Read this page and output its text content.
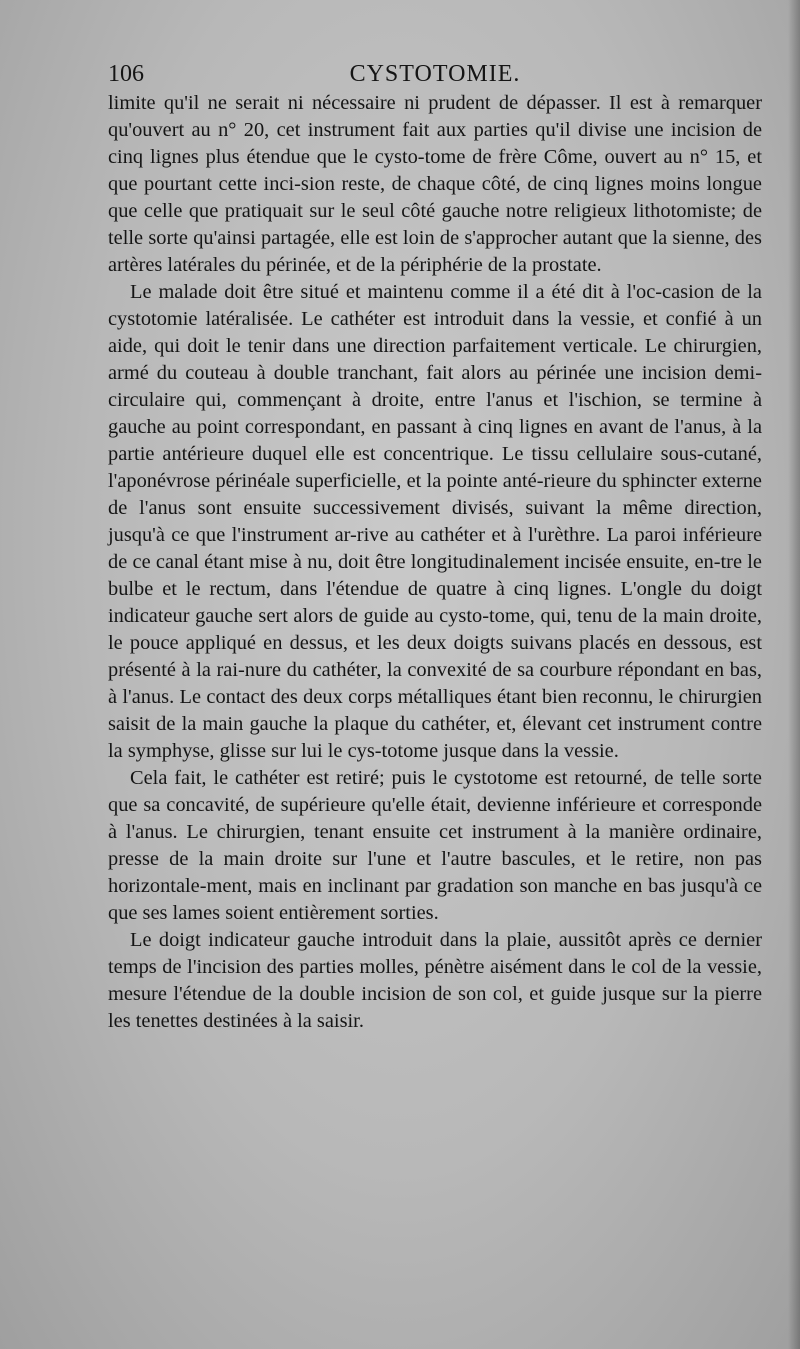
106	CYSTOTOMIE.

limite qu'il ne serait ni nécessaire ni prudent de dépasser. Il est à remarquer qu'ouvert au n° 20, cet instrument fait aux parties qu'il divise une incision de cinq lignes plus étendue que le cysto-tome de frère Côme, ouvert au n° 15, et que pourtant cette inci-sion reste, de chaque côté, de cinq lignes moins longue que celle que pratiquait sur le seul côté gauche notre religieux lithotomiste; de telle sorte qu'ainsi partagée, elle est loin de s'approcher autant que la sienne, des artères latérales du périnée, et de la périphérie de la prostate.

Le malade doit être situé et maintenu comme il a été dit à l'oc-casion de la cystotomie latéralisée. Le cathéter est introduit dans la vessie, et confié à un aide, qui doit le tenir dans une direction parfaitement verticale. Le chirurgien, armé du couteau à double tranchant, fait alors au périnée une incision demi-circulaire qui, commençant à droite, entre l'anus et l'ischion, se termine à gauche au point correspondant, en passant à cinq lignes en avant de l'anus, à la partie antérieure duquel elle est concentrique. Le tissu cellulaire sous-cutané, l'aponévrose périnéale superficielle, et la pointe anté-rieure du sphincter externe de l'anus sont ensuite successivement divisés, suivant la même direction, jusqu'à ce que l'instrument ar-rive au cathéter et à l'urèthre. La paroi inférieure de ce canal étant mise à nu, doit être longitudinalement incisée ensuite, en-tre le bulbe et le rectum, dans l'étendue de quatre à cinq lignes. L'ongle du doigt indicateur gauche sert alors de guide au cysto-tome, qui, tenu de la main droite, le pouce appliqué en dessus, et les deux doigts suivans placés en dessous, est présenté à la rai-nure du cathéter, la convexité de sa courbure répondant en bas, à l'anus. Le contact des deux corps métalliques étant bien reconnu, le chirurgien saisit de la main gauche la plaque du cathéter, et, élevant cet instrument contre la symphyse, glisse sur lui le cys-totome jusque dans la vessie.

Cela fait, le cathéter est retiré; puis le cystotome est retourné, de telle sorte que sa concavité, de supérieure qu'elle était, devienne inférieure et corresponde à l'anus. Le chirurgien, tenant ensuite cet instrument à la manière ordinaire, presse de la main droite sur l'une et l'autre bascules, et le retire, non pas horizontale-ment, mais en inclinant par gradation son manche en bas jusqu'à ce que ses lames soient entièrement sorties.

Le doigt indicateur gauche introduit dans la plaie, aussitôt après ce dernier temps de l'incision des parties molles, pénètre aisément dans le col de la vessie, mesure l'étendue de la double incision de son col, et guide jusque sur la pierre les tenettes destinées à la saisir.
